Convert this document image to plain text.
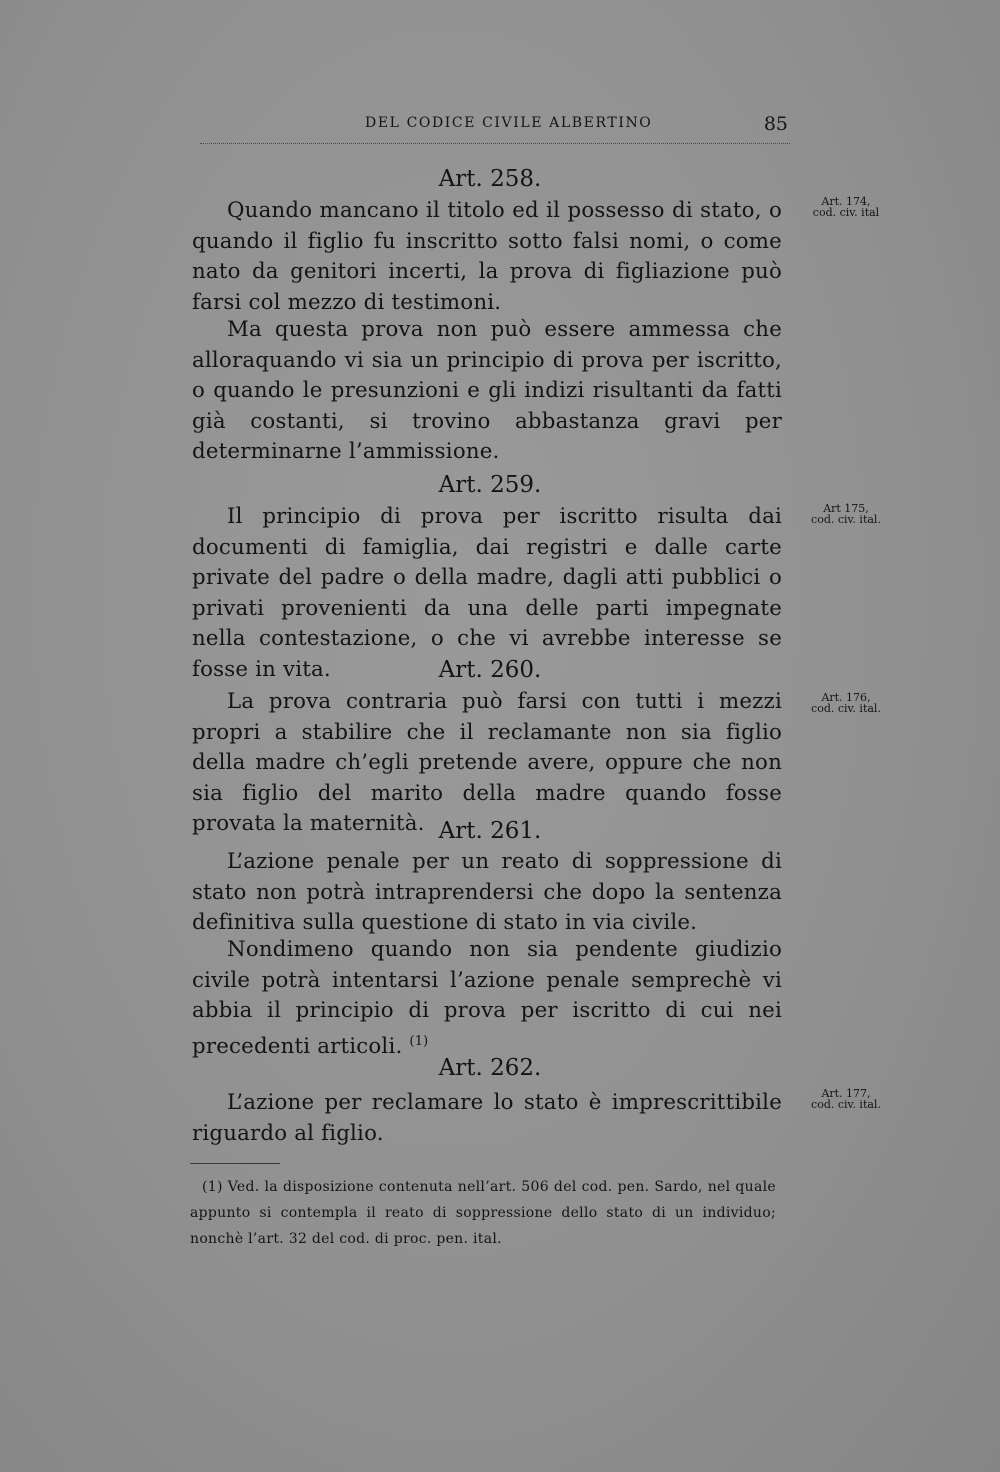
DEL CODICE CIVILE ALBERTINO	85
Art. 258.

Quando mancano il titolo ed il possesso di stato, o quando il figlio fu inscritto sotto falsi nomi, o come nato da genitori incerti, la prova di figliazione può farsi col mezzo di testimoni.

Ma questa prova non può essere ammessa che alloraquando vi sia un principio di prova per iscritto, o quando le presunzioni e gli indizi risultanti da fatti già costanti, si trovino abbastanza gravi per determinarne l’ammissione.

Art. 174,
cod. civ. ital
Art. 259.

Il principio di prova per iscritto risulta dai documenti di famiglia, dai registri e dalle carte private del padre o della madre, dagli atti pubblici o privati provenienti da una delle parti impegnate nella contestazione, o che vi avrebbe interesse se fosse in vita.

Art 175,
cod. civ. ital.
Art. 260.

La prova contraria può farsi con tutti i mezzi propri a stabilire che il reclamante non sia figlio della madre ch’egli pretende avere, oppure che non sia figlio del marito della madre quando fosse provata la maternità.

Art. 176,
cod. civ. ital.
Art. 261.

L’azione penale per un reato di soppressione di stato non potrà intraprendersi che dopo la sentenza definitiva sulla questione di stato in via civile.

Nondimeno quando non sia pendente giudizio civile potrà intentarsi l’azione penale semprechè vi abbia il principio di prova per iscritto di cui nei precedenti articoli. $^{(1)}$

Art. 262.

L’azione per reclamare lo stato è imprescrittibile riguardo al figlio.

Art. 177,
cod. civ. ital.

(1) Ved. la disposizione contenuta nell’art. 506 del cod. pen. Sardo, nel quale appunto si contempla il reato di soppressione dello stato di un individuo; nonchè l’art. 32 del cod. di proc. pen. ital.
